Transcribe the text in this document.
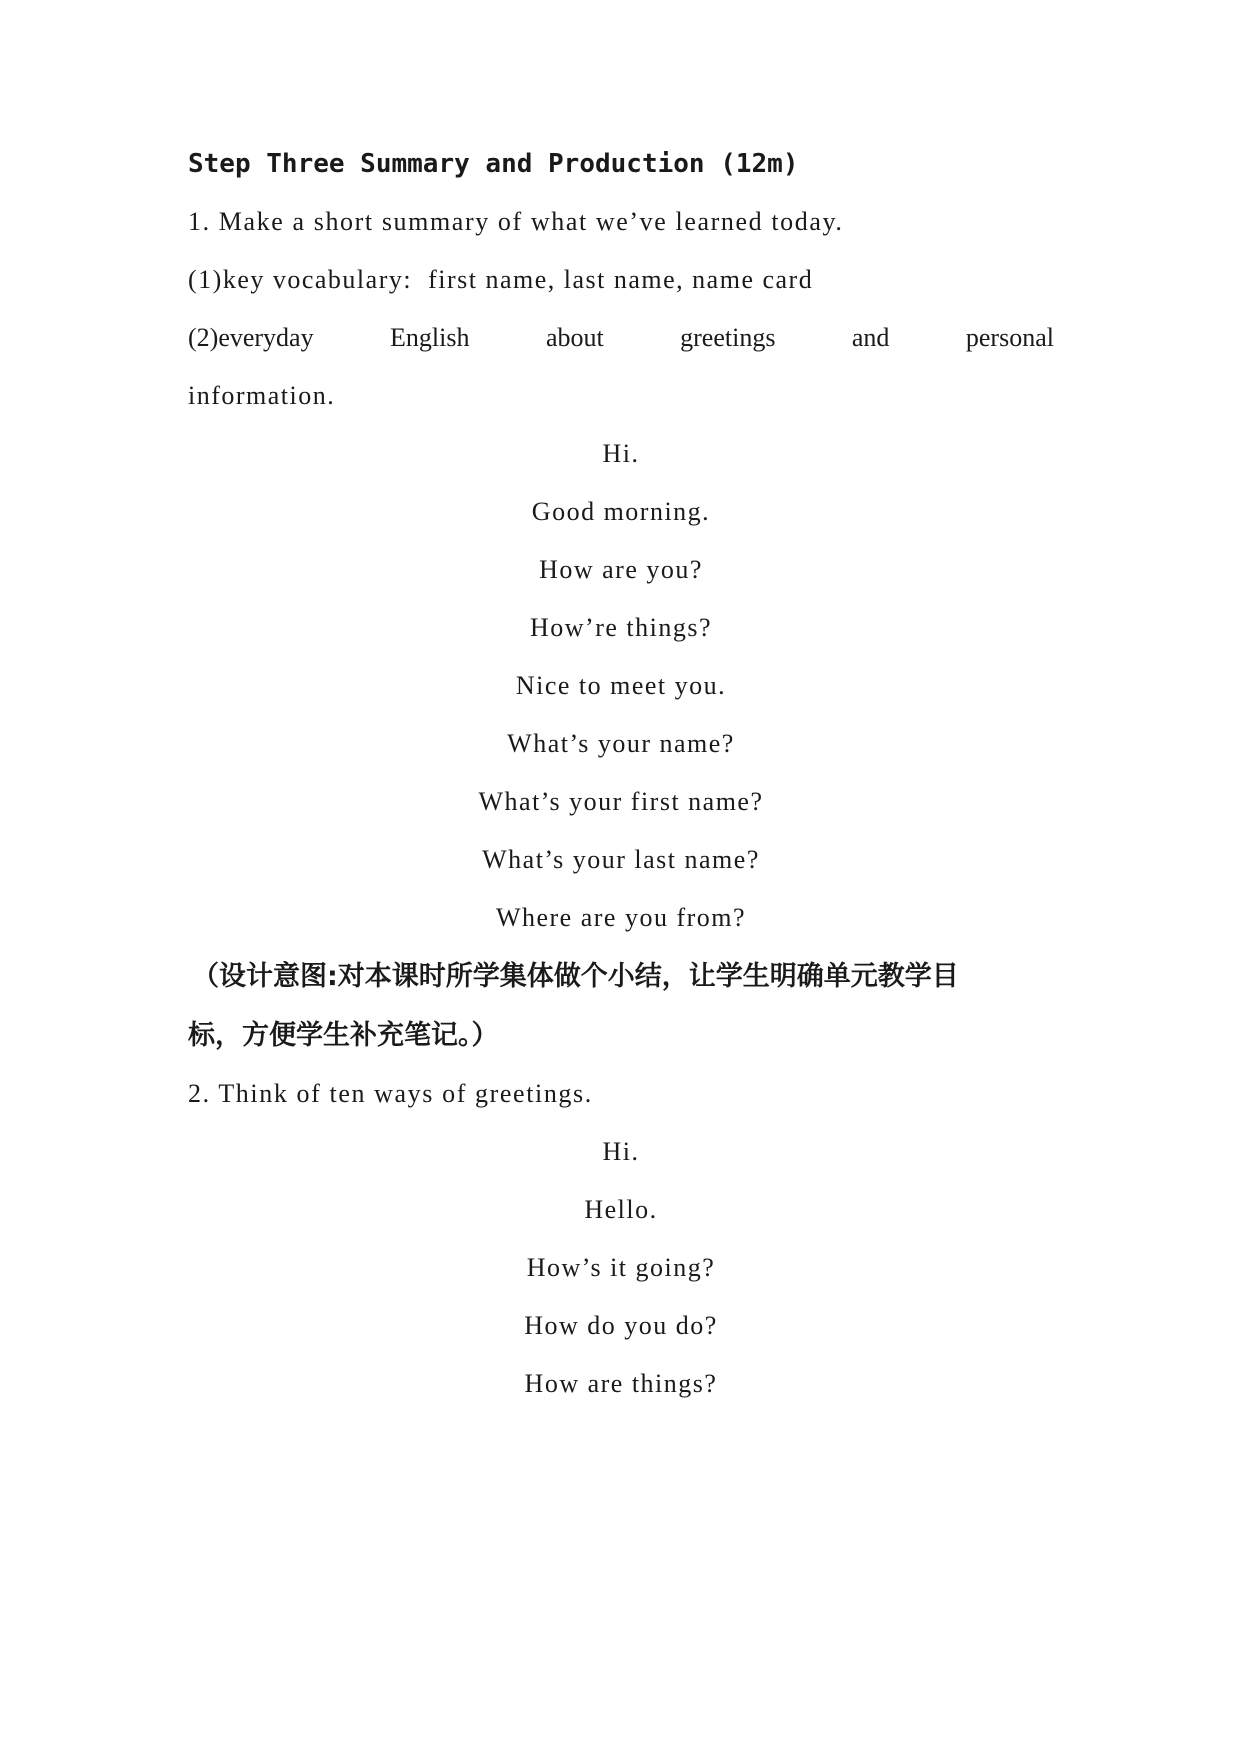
Step Three Summary and Production (12m)
1. Make a short summary of what we’ve learned today.
(1)key vocabulary:  first name, last name, name card
(2)everyday	English	about	greetings	and	personal
information.
Hi.
Good morning.
How are you?
How’re things?
Nice to meet you.
What’s your name?
What’s your first name?
What’s your last name?
Where are you from?
（设计意图:对本课时所学集体做个小结，让学生明确单元教学目
标，方便学生补充笔记。）
2. Think of ten ways of greetings.
Hi.
Hello.
How’s it going?
How do you do?
How are things?
